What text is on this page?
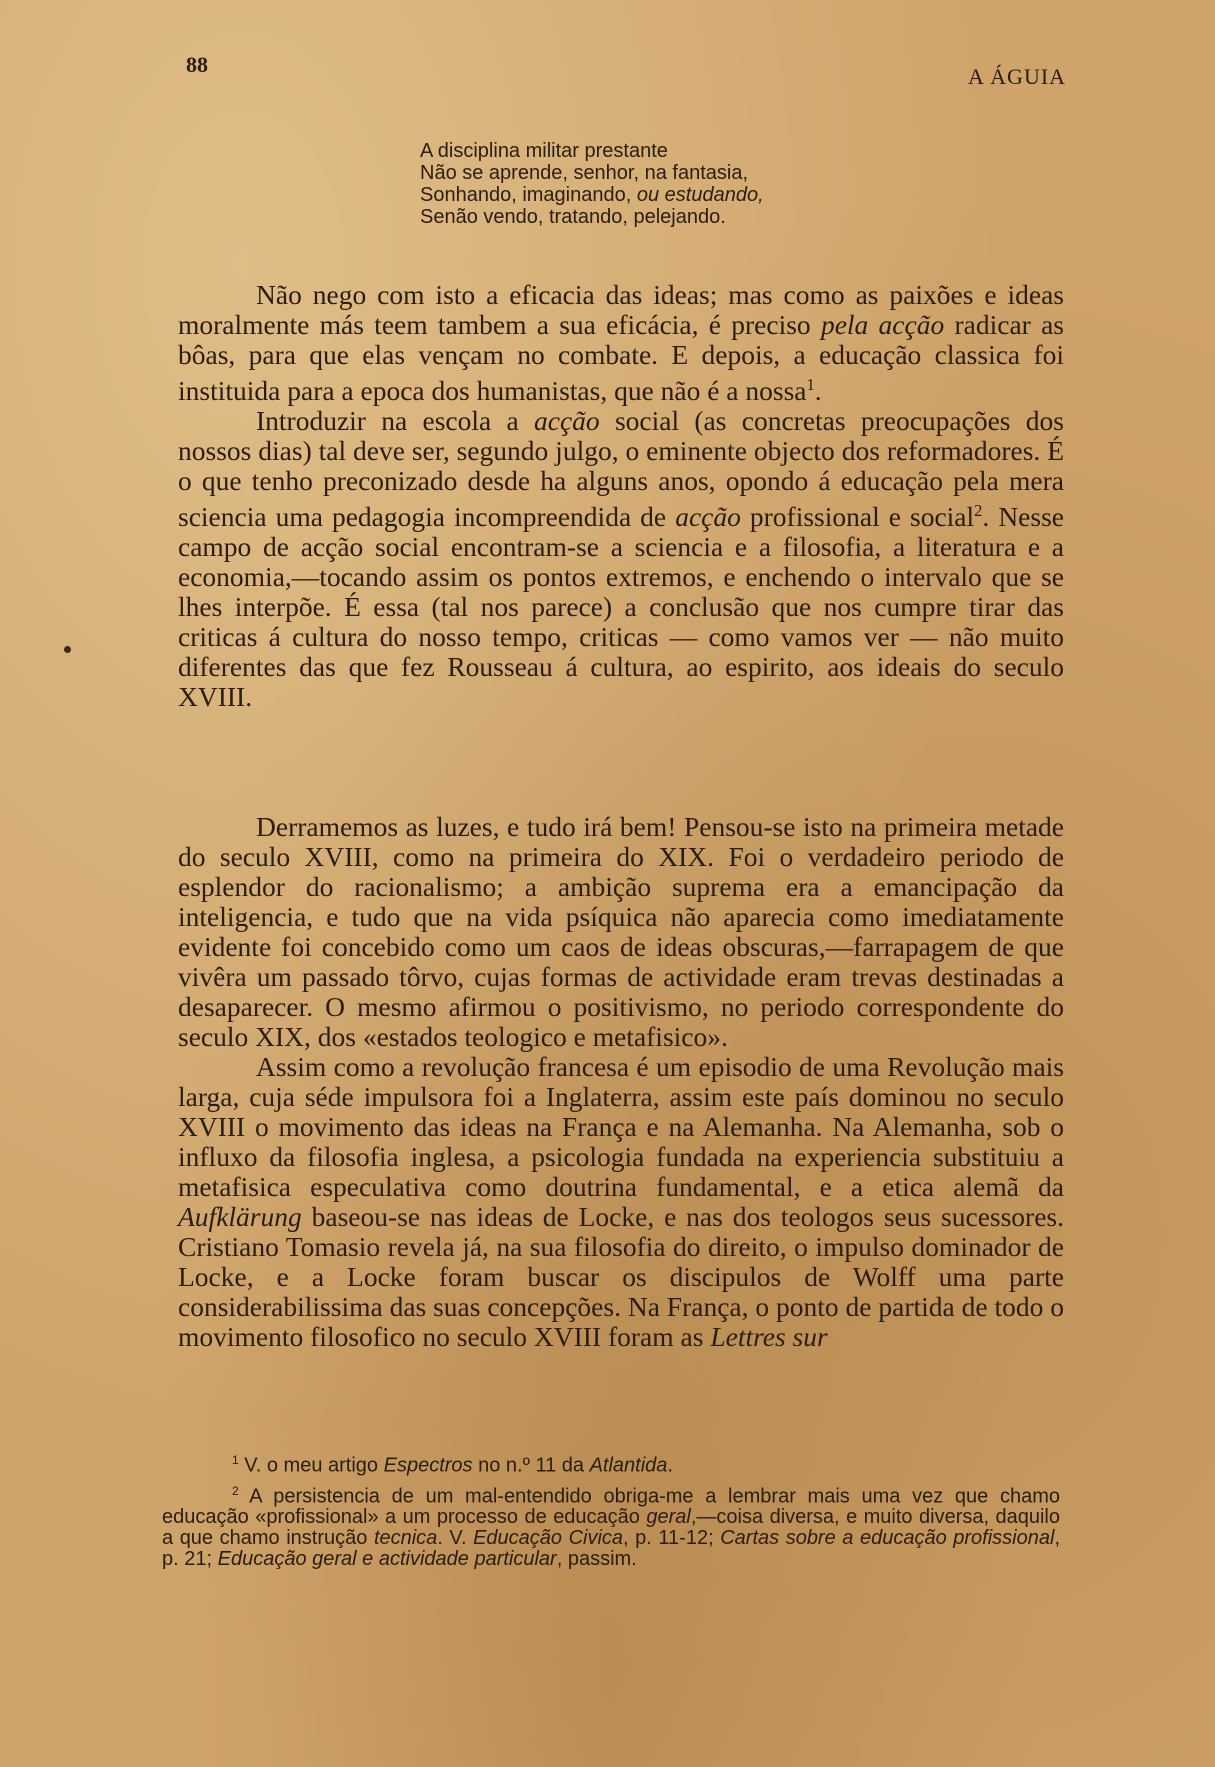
88	A ÁGUIA
A disciplina militar prestante
Não se aprende, senhor, na fantasia,
Sonhando, imaginando, ou estudando,
Senão vendo, tratando, pelejando.

Não nego com isto a eficacia das ideas; mas como as paixões e ideas moralmente más teem tambem a sua eficácia, é preciso pela acção radicar as bôas, para que elas vençam no combate. E depois, a educação classica foi instituida para a epoca dos humanistas, que não é a nossa$^1$.

Introduzir na escola a acção social (as concretas preocupações dos nossos dias) tal deve ser, segundo julgo, o eminente objecto dos reformadores. É o que tenho preconizado desde ha alguns anos, opondo á educação pela mera sciencia uma pedagogia incompreendida de acção profissional e social$^2$. Nesse campo de acção social encontram-se a sciencia e a filosofia, a literatura e a economia,—tocando assim os pontos extremos, e enchendo o intervalo que se lhes interpõe. É essa (tal nos parece) a conclusão que nos cumpre tirar das criticas á cultura do nosso tempo, criticas — como vamos ver — não muito diferentes das que fez Rousseau á cultura, ao espirito, aos ideais do seculo XVIII.

Derramemos as luzes, e tudo irá bem! Pensou-se isto na primeira metade do seculo XVIII, como na primeira do XIX. Foi o verdadeiro periodo de esplendor do racionalismo; a ambição suprema era a emancipação da inteligencia, e tudo que na vida psíquica não aparecia como imediatamente evidente foi concebido como um caos de ideas obscuras,—farrapagem de que vivêra um passado tôrvo, cujas formas de actividade eram trevas destinadas a desaparecer. O mesmo afirmou o positivismo, no periodo correspondente do seculo XIX, dos «estados teologico e metafisico».

Assim como a revolução francesa é um episodio de uma Revolução mais larga, cuja séde impulsora foi a Inglaterra, assim este país dominou no seculo XVIII o movimento das ideas na França e na Alemanha. Na Alemanha, sob o influxo da filosofia inglesa, a psicologia fundada na experiencia substituiu a metafisica especulativa como doutrina fundamental, e a etica alemã da Aufklärung baseou-se nas ideas de Locke, e nas dos teologos seus sucessores. Cristiano Tomasio revela já, na sua filosofia do direito, o impulso dominador de Locke, e a Locke foram buscar os discipulos de Wolff uma parte considerabilissima das suas concepções. Na França, o ponto de partida de todo o movimento filosofico no seculo XVIII foram as Lettres sur

$^1$ V. o meu artigo Espectros no n.º 11 da Atlantida.

$^2$ A persistencia de um mal-entendido obriga-me a lembrar mais uma vez que chamo educação «profissional» a um processo de educação geral,—coisa diversa, e muito diversa, daquilo a que chamo instrução tecnica. V. Educação Civica, p. 11-12; Cartas sobre a educação profissional, p. 21; Educação geral e actividade particular, passim.
